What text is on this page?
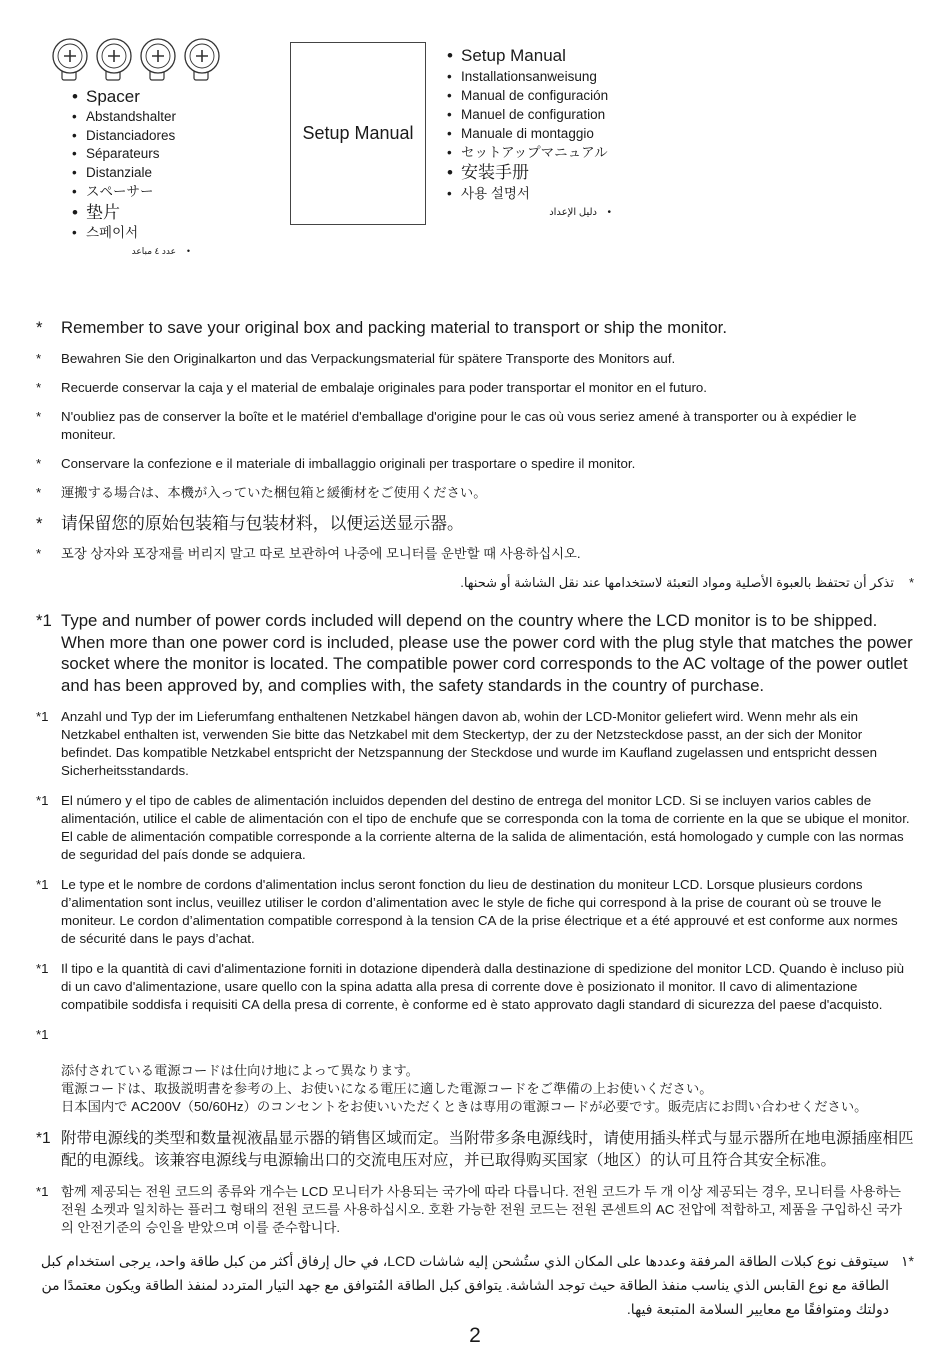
• Spacer
• Abstandshalter
• Distanciadores
• Séparateurs
• Distanziale
• スペーサー
• 垫片
• 스페이서
• عدد ٤ مباعد
Setup Manual
• Setup Manual
• Installationsanweisung
• Manual de configuración
• Manuel de configuration
• Manuale di montaggio
• セットアップマニュアル
• 安装手册
• 사용 설명서
• دليل الإعداد
* Remember to save your original box and packing material to transport or ship the monitor.
* Bewahren Sie den Originalkarton und das Verpackungsmaterial für spätere Transporte des Monitors auf.
* Recuerde conservar la caja y el material de embalaje originales para poder transportar el monitor en el futuro.
* N'oubliez pas de conserver la boîte et le matériel d'emballage d'origine pour le cas où vous seriez amené à transporter ou à expédier le moniteur.
* Conservare la confezione e il materiale di imballaggio originali per trasportare o spedire il monitor.
* 運搬する場合は、本機が入っていた梱包箱と緩衝材をご使用ください。
* 请保留您的原始包装箱与包装材料，以便运送显示器。
* 포장 상자와 포장재를 버리지 말고 따로 보관하여 나중에 모니터를 운반할 때 사용하십시오.
*
تذكر أن تحتفظ بالعبوة الأصلية ومواد التعبئة لاستخدامها عند نقل الشاشة أو شحنها.
*1 Type and number of power cords included will depend on the country where the LCD monitor is to be shipped. When more than one power cord is included, please use the power cord with the plug style that matches the power socket where the monitor is located. The compatible power cord corresponds to the AC voltage of the power outlet and has been approved by, and complies with, the safety standards in the country of purchase.
*1 Anzahl und Typ der im Lieferumfang enthaltenen Netzkabel hängen davon ab, wohin der LCD-Monitor geliefert wird. Wenn mehr als ein Netzkabel enthalten ist, verwenden Sie bitte das Netzkabel mit dem Steckertyp, der zu der Netzsteckdose passt, an der sich der Monitor befindet. Das kompatible Netzkabel entspricht der Netzspannung der Steckdose und wurde im Kaufland zugelassen und entspricht dessen Sicherheitsstandards.
*1 El número y el tipo de cables de alimentación incluidos dependen del destino de entrega del monitor LCD. Si se incluyen varios cables de alimentación, utilice el cable de alimentación con el tipo de enchufe que se corresponda con la toma de corriente en la que se ubique el monitor. El cable de alimentación compatible corresponde a la corriente alterna de la salida de alimentación, está homologado y cumple con las normas de seguridad del país donde se adquiera.
*1 Le type et le nombre de cordons d'alimentation inclus seront fonction du lieu de destination du moniteur LCD. Lorsque plusieurs cordons d’alimentation sont inclus, veuillez utiliser le cordon d’alimentation avec le style de fiche qui correspond à la prise de courant où se trouve le moniteur. Le cordon d’alimentation compatible correspond à la tension CA de la prise électrique et a été approuvé et est conforme aux normes de sécurité dans le pays d’achat.
*1 Il tipo e la quantità di cavi d'alimentazione forniti in dotazione dipenderà dalla destinazione di spedizione del monitor LCD. Quando è incluso più di un cavo d'alimentazione, usare quello con la spina adatta alla presa di corrente dove è posizionato il monitor. Il cavo di alimentazione compatibile soddisfa i requisiti CA della presa di corrente, è conforme ed è stato approvato dagli standard di sicurezza del paese d'acquisto.

*1

添付されている電源コードは仕向け地によって異なります。
電源コードは、取扱説明書を参考の上、お使いになる電圧に適した電源コードをご準備の上お使いください。
日本国内で AC200V（50/60Hz）のコンセントをお使いいただくときは専用の電源コードが必要です。販売店にお問い合わせください。

*1 附带电源线的类型和数量视液晶显示器的销售区域而定。当附带多条电源线时，请使用插头样式与显示器所在地电源插座相匹配的电源线。该兼容电源线与电源输出口的交流电压对应，并已取得购买国家（地区）的认可且符合其安全标准。
*1 함께 제공되는 전원 코드의 종류와 개수는 LCD 모니터가 사용되는 국가에 따라 다릅니다. 전원 코드가 두 개 이상 제공되는 경우, 모니터를 사용하는 전원 소켓과 일치하는 플러그 형태의 전원 코드를 사용하십시오. 호환 가능한 전원 코드는 전원 콘센트의 AC 전압에 적합하고, 제품을 구입하신 국가의 안전기준의 승인을 받았으며 이를 준수합니다.
*١
سيتوقف نوع كبلات الطاقة المرفقة وعددها على المكان الذي ستُشحن إليه شاشات LCD، في حال إرفاق أكثر من كبل طاقة واحد، يرجى استخدام كبل الطاقة مع نوع القابس الذي يناسب منفذ الطاقة حيث توجد الشاشة. يتوافق كبل الطاقة المُتوافق مع جهد التيار المتردد لمنفذ الطاقة ويكون معتمدًا من دولتك ومتوافقًا مع معايير السلامة المتبعة فيها.
2
